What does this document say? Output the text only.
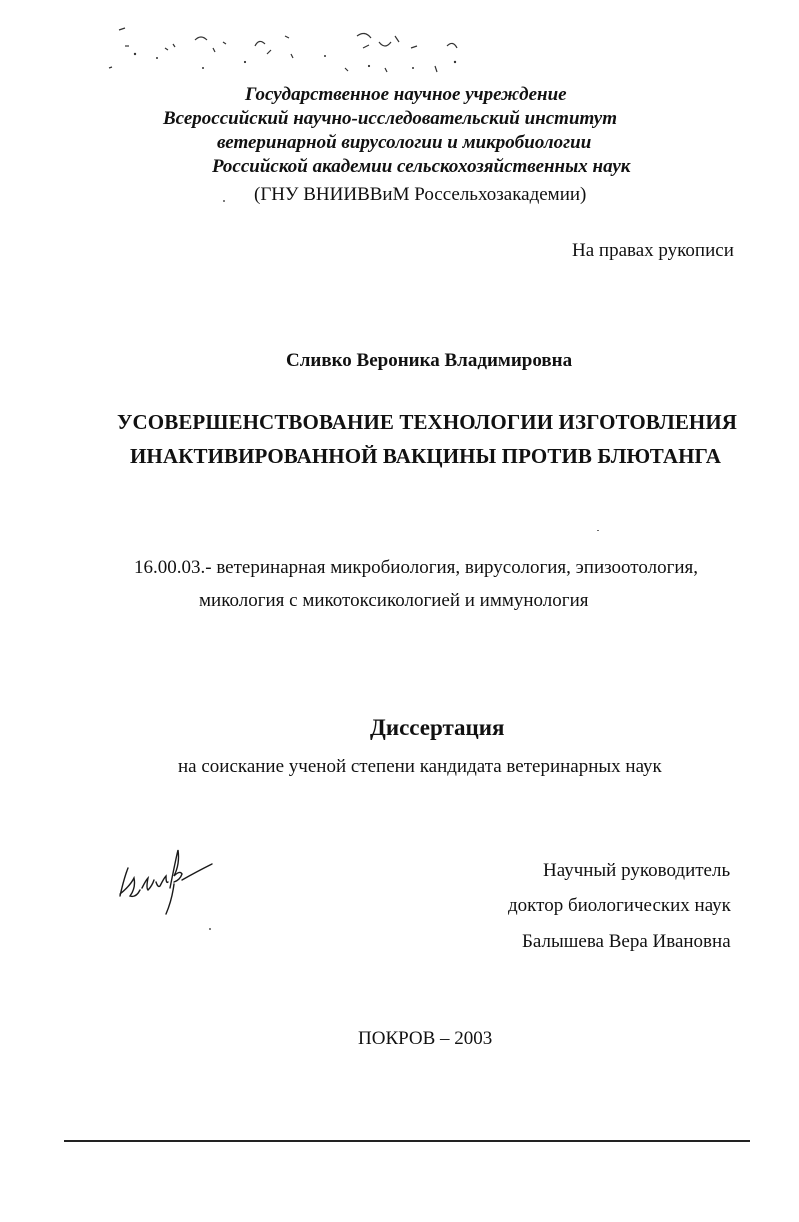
Государственное научное учреждение
Всероссийский научно-исследовательский институт
ветеринарной вирусологии и микробиологии
Российской академии сельскохозяйственных наук
(ГНУ ВНИИВВиМ Россельхозакадемии)
На правах рукописи
Сливко Вероника Владимировна
УСОВЕРШЕНСТВОВАНИЕ ТЕХНОЛОГИИ ИЗГОТОВЛЕНИЯ
ИНАКТИВИРОВАННОЙ ВАКЦИНЫ ПРОТИВ БЛЮТАНГА
16.00.03.- ветеринарная микробиология, вирусология, эпизоотология,
микология с микотоксикологией и иммунология
Диссертация
на соискание ученой степени кандидата ветеринарных наук
Научный руководитель
доктор биологических наук
Балышева Вера Ивановна
ПОКРОВ – 2003
